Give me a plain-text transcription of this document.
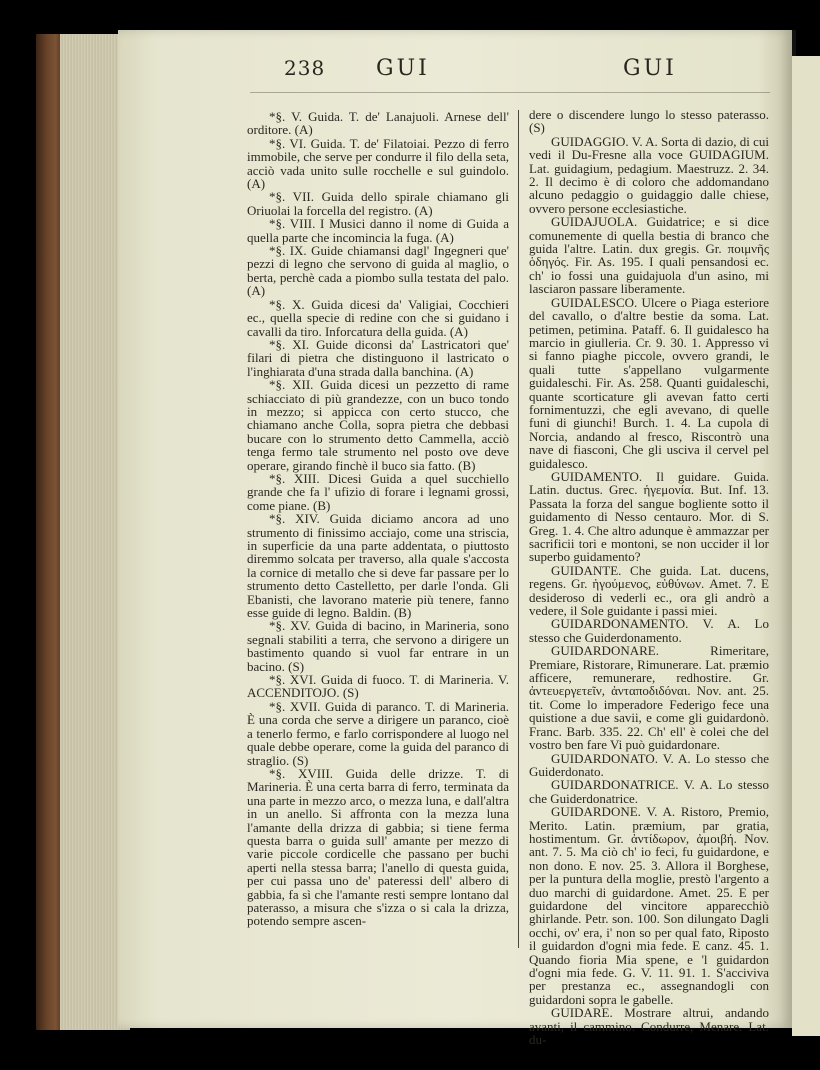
238 GUI	GUI

*§. V. Guida. T. de' Lanajuoli. Arnese dell' orditore. (A)

*§. VI. Guida. T. de' Filatoiai. Pezzo di ferro immobile, che serve per condurre il filo della seta, acciò vada unito sulle rocchelle e sul guindolo. (A)

*§. VII. Guida dello spirale chiamano gli Oriuolai la forcella del registro. (A)

*§. VIII. I Musici danno il nome di Guida a quella parte che incomincia la fuga. (A)

*§. IX. Guide chiamansi dagl' Ingegneri que' pezzi di legno che servono di guida al maglio, o berta, perchè cada a piombo sulla testata del palo. (A)

*§. X. Guida dicesi da' Valigiai, Cocchieri ec., quella specie di redine con che si guidano i cavalli da tiro. Inforcatura della guida. (A)

*§. XI. Guide diconsi da' Lastricatori que' filari di pietra che distinguono il lastricato o l'inghiarata d'una strada dalla banchina. (A)

*§. XII. Guida dicesi un pezzetto di rame schiacciato di più grandezze, con un buco tondo in mezzo; si appicca con certo stucco, che chiamano anche Colla, sopra pietra che debbasi bucare con lo strumento detto Cammella, acciò tenga fermo tale strumento nel posto ove deve operare, girando finchè il buco sia fatto. (B)

*§. XIII. Dicesi Guida a quel succhiello grande che fa l' ufizio di forare i legnami grossi, come piane. (B)

*§. XIV. Guida diciamo ancora ad uno strumento di finissimo acciajo, come una striscia, in superficie da una parte addentata, o piuttosto diremmo solcata per traverso, alla quale s'accosta la cornice di metallo che si deve far passare per lo strumento detto Castelletto, per darle l'onda. Gli Ebanisti, che lavorano materie più tenere, fanno esse guide di legno. Baldin. (B)

*§. XV. Guida di bacino, in Marineria, sono segnali stabiliti a terra, che servono a dirigere un bastimento quando si vuol far entrare in un bacino. (S)

*§. XVI. Guida di fuoco. T. di Marineria. V. ACCENDITOJO. (S)

*§. XVII. Guida di paranco. T. di Marineria. È una corda che serve a dirigere un paranco, cioè a tenerlo fermo, e farlo corrispondere al luogo nel quale debbe operare, come la guida del paranco di straglio. (S)

*§. XVIII. Guida delle drizze. T. di Marineria. È una certa barra di ferro, terminata da una parte in mezzo arco, o mezza luna, e dall'altra in un anello. Si affronta con la mezza luna l'amante della drizza di gabbia; si tiene ferma questa barra o guida sull' amante per mezzo di varie piccole cordicelle che passano per buchi aperti nella stessa barra; l'anello di questa guida, per cui passa uno de' pateressi dell' albero di gabbia, fa sì che l'amante resti sempre lontano dal paterasso, a misura che s'izza o si cala la drizza, potendo sempre ascen-

dere o discendere lungo lo stesso paterasso. (S)

GUIDAGGIO. V. A. Sorta di dazio, di cui vedi il Du-Fresne alla voce GUIDAGIUM. Lat. guidagium, pedagium. Maestruzz. 2. 34. 2. Il decimo è di coloro che addomandano alcuno pedaggio o guidaggio dalle chiese, ovvero persone ecclesiastiche.

GUIDAJUOLA. Guidatrice; e si dice comunemente di quella bestia di branco che guida l'altre. Latin. dux gregis. Gr. ποιμνῆς ὁδηγός. Fir. As. 195. I quali pensandosi ec. ch' io fossi una guidajuola d'un asino, mi lasciaron passare liberamente.

GUIDALESCO. Ulcere o Piaga esteriore del cavallo, o d'altre bestie da soma. Lat. petimen, petimina. Pataff. 6. Il guidalesco ha marcio in giulleria. Cr. 9. 30. 1. Appresso vi si fanno piaghe piccole, ovvero grandi, le quali tutte s'appellano vulgarmente guidaleschi. Fir. As. 258. Quanti guidaleschi, quante scorticature gli avevan fatto certi fornimentuzzi, che egli avevano, di quelle funi di giunchi! Burch. 1. 4. La cupola di Norcia, andando al fresco, Riscontrò una nave di fiasconi, Che gli usciva il cervel pel guidalesco.

GUIDAMENTO. Il guidare. Guida. Latin. ductus. Grec. ἡγεμονία. But. Inf. 13. Passata la forza del sangue bogliente sotto il guidamento di Nesso centauro. Mor. di S. Greg. 1. 4. Che altro adunque è ammazzar per sacrificii tori e montoni, se non uccider il lor superbo guidamento?

GUIDANTE. Che guida. Lat. ducens, regens. Gr. ἡγούμενος, εὐθύνων. Amet. 7. E desideroso di vederli ec., ora gli andrò a vedere, il Sole guidante i passi miei.

GUIDARDONAMENTO. V. A. Lo stesso che Guiderdonamento.

GUIDARDONARE. Rimeritare, Premiare, Ristorare, Rimunerare. Lat. præmio afficere, remunerare, redhostire. Gr. ἀντευεργετεῖν, ἀνταποδιδόναι. Nov. ant. 25. tit. Come lo imperadore Federigo fece una quistione a due savii, e come gli guidardonò. Franc. Barb. 335. 22. Ch' ell' è colei che del vostro ben fare Vi può guidardonare.

GUIDARDONATO. V. A. Lo stesso che Guiderdonato.

GUIDARDONATRICE. V. A. Lo stesso che Guiderdonatrice.

GUIDARDONE. V. A. Ristoro, Premio, Merito. Latin. præmium, par gratia, hostimentum. Gr. ἀντίδωρον, ἀμοιβή. Nov. ant. 7. 5. Ma ciò ch' io feci, fu guidardone, e non dono. E nov. 25. 3. Allora il Borghese, per la puntura della moglie, prestò l'argento a duo marchi di guidardone. Amet. 25. E per guidardone del vincitore apparecchiò ghirlande. Petr. son. 100. Son dilungato Dagli occhi, ov' era, i' non so per qual fato, Riposto il guidardon d'ogni mia fede. E canz. 45. 1. Quando fioria Mia spene, e 'l guidardon d'ogni mia fede. G. V. 11. 91. 1. S'acciviva per prestanza ec., assegnandogli con guidardoni sopra le gabelle.

GUIDARE. Mostrare altrui, andando avanti, il cammino. Condurre, Menare. Lat. du-
